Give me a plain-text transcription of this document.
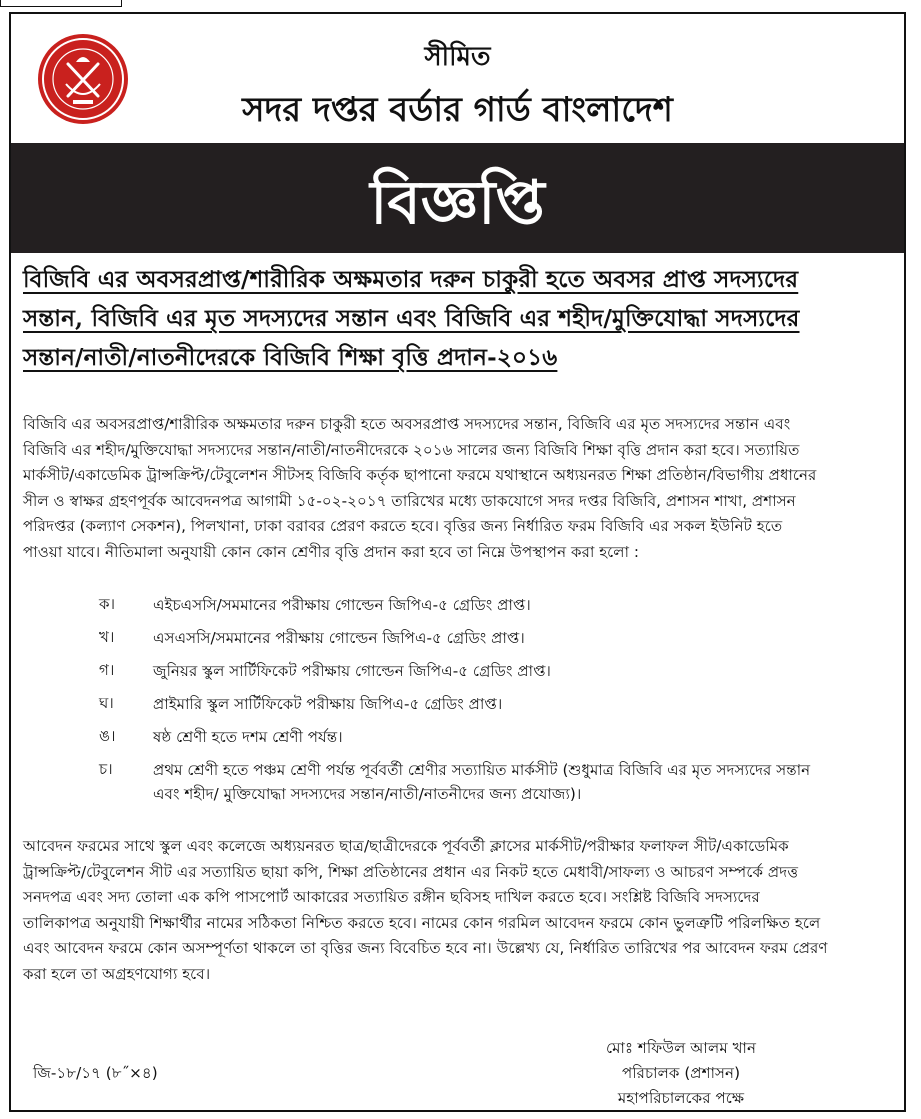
সীমিত
সদর দপ্তর বর্ডার গার্ড বাংলাদেশ
বিজ্ঞপ্তি
বিজিবি এর অবসরপ্রাপ্ত/শারীরিক অক্ষমতার দরুন চাকুরী হতে অবসর প্রাপ্ত সদস্যদের
সন্তান, বিজিবি এর মৃত সদস্যদের সন্তান এবং বিজিবি এর শহীদ/মুক্তিযোদ্ধা সদস্যদের
সন্তান/নাতী/নাতনীদেরকে বিজিবি শিক্ষা বৃত্তি প্রদান-২০১৬
বিজিবি এর অবসরপ্রাপ্ত/শারীরিক অক্ষমতার দরুন চাকুরী হতে অবসরপ্রাপ্ত সদস্যদের সন্তান, বিজিবি এর মৃত সদস্যদের সন্তান এবং
বিজিবি এর শহীদ/মুক্তিযোদ্ধা সদস্যদের সন্তান/নাতী/নাতনীদেরকে ২০১৬ সালের জন্য বিজিবি শিক্ষা বৃত্তি প্রদান করা হবে। সত্যায়িত
মার্কসীট/একাডেমিক ট্রান্সক্রিপ্ট/টেবুলেশন সীটসহ বিজিবি কর্তৃক ছাপানো ফরমে যথাস্থানে অধ্যয়নরত শিক্ষা প্রতিষ্ঠান/বিভাগীয় প্রধানের
সীল ও স্বাক্ষর গ্রহণপূর্বক আবেদনপত্র আগামী ১৫-০২-২০১৭ তারিখের মধ্যে ডাকযোগে সদর দপ্তর বিজিবি, প্রশাসন শাখা, প্রশাসন
পরিদপ্তর (কল্যাণ সেকশন), পিলখানা, ঢাকা বরাবর প্রেরণ করতে হবে। বৃত্তির জন্য নির্ধারিত ফরম বিজিবি এর সকল ইউনিট হতে
পাওয়া যাবে। নীতিমালা অনুযায়ী কোন কোন শ্রেণীর বৃত্তি প্রদান করা হবে তা নিম্নে উপস্থাপন করা হলো :
ক। এইচএসসি/সমমানের পরীক্ষায় গোল্ডেন জিপিএ-৫ গ্রেডিং প্রাপ্ত।
খ।	এসএসসি/সমমানের পরীক্ষায় গোল্ডেন জিপিএ-৫ গ্রেডিং প্রাপ্ত।
গ।	জুনিয়র স্কুল সার্টিফিকেট পরীক্ষায় গোল্ডেন জিপিএ-৫ গ্রেডিং প্রাপ্ত।
ঘ।	প্রাইমারি স্কুল সার্টিফিকেট পরীক্ষায় জিপিএ-৫ গ্রেডিং প্রাপ্ত।
ঙ। ষষ্ঠ শ্রেণী হতে দশম শ্রেণী পর্যন্ত।
চ।	প্রথম শ্রেণী হতে পঞ্চম শ্রেণী পর্যন্ত পূর্ববর্তী শ্রেণীর সত্যায়িত মার্কসীট (শুধুমাত্র বিজিবি এর মৃত সদস্যদের সন্তান
এবং শহীদ/ মুক্তিযোদ্ধা সদস্যদের সন্তান/নাতী/নাতনীদের জন্য প্রযোজ্য)।
আবেদন ফরমের সাথে স্কুল এবং কলেজে অধ্যয়নরত ছাত্র/ছাত্রীদেরকে পূর্ববর্তী ক্লাসের মার্কসীট/পরীক্ষার ফলাফল সীট/একাডেমিক
ট্রান্সক্রিপ্ট/টেবুলেশন সীট এর সত্যায়িত ছায়া কপি, শিক্ষা প্রতিষ্ঠানের প্রধান এর নিকট হতে মেধাবী/সাফল্য ও আচরণ সম্পর্কে প্রদত্ত
সনদপত্র এবং সদ্য তোলা এক কপি পাসপোর্ট আকারের সত্যায়িত রঙ্গীন ছবিসহ দাখিল করতে হবে। সংশ্লিষ্ট বিজিবি সদস্যদের
তালিকাপত্র অনুযায়ী শিক্ষার্থীর নামের সঠিকতা নিশ্চিত করতে হবে। নামের কোন গরমিল আবেদন ফরমে কোন ভুলত্রুটি পরিলক্ষিত হলে
এবং আবেদন ফরমে কোন অসম্পূর্ণতা থাকলে তা বৃত্তির জন্য বিবেচিত হবে না। উল্লেখ্য যে, নির্ধারিত তারিখের পর আবেদন ফরম প্রেরণ
করা হলে তা অগ্রহণযোগ্য হবে।
জি-১৮/১৭ (৮˝×৪)
মোঃ শফিউল আলম খান
পরিচালক (প্রশাসন)
মহাপরিচালকের পক্ষে
